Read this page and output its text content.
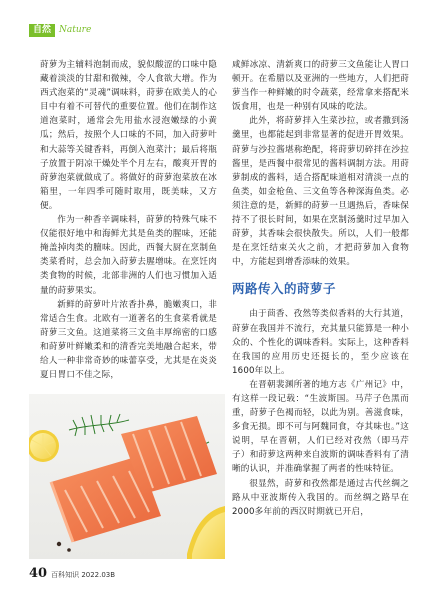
自然 Nature

莳萝为主辅料泡制而成，貌似酸涩的口味中隐藏着淡淡的甘甜和微辣，令人食欲大增。作为西式泡菜的“灵魂”调味料，莳萝在欧美人的心目中有着不可替代的重要位置。他们在制作这道泡菜时，通常会先用盐水浸泡嫩绿的小黄瓜；然后，按照个人口味的不同，加入莳萝叶和大蒜等关键香料，再倒入泡菜汁；最后将瓶子放置于阴凉干燥处半个月左右，酸爽开胃的莳萝泡菜就做成了。将做好的莳萝泡菜放在冰箱里，一年四季可随时取用，既美味，又方便。

作为一种香辛调味料，莳萝的特殊气味不仅能很好地中和海鲜尤其是鱼类的腥味，还能掩盖掉肉类的膻味。因此，西餐大厨在烹制鱼类菜肴时，总会加入莳萝去腥增味。在烹饪肉类食物的时候，北部非洲的人们也习惯加入适量的莳萝果实。

新鲜的莳萝叶片浓香扑鼻，脆嫩爽口，非常适合生食。北欧有一道著名的生食菜肴就是莳萝三文鱼。这道菜将三文鱼丰厚绵密的口感和莳萝叶鲜嫩柔和的清香完美地融合起来，带给人一种非常奇妙的味蕾享受，尤其是在炎炎夏日胃口不佳之际，

咸鲜冰凉、清新爽口的莳萝三文鱼能让人胃口顿开。在希腊以及亚洲的一些地方，人们把莳萝当作一种鲜嫩的时令蔬菜，经常拿来搭配米饭食用，也是一种别有风味的吃法。

此外，将莳萝拌入生菜沙拉，或者撒到汤羹里，也都能起到非常显著的促进开胃效果。莳萝与沙拉酱堪称绝配，将莳萝切碎拌在沙拉酱里，是西餐中很常见的酱料调制方法。用莳萝制成的酱料，适合搭配味道相对清淡一点的鱼类，如金枪鱼、三文鱼等各种深海鱼类。必须注意的是，新鲜的莳萝一旦遇热后，香味保持不了很长时间，如果在烹制汤羹时过早加入莳萝，其香味会很快散失。所以，人们一般都是在烹饪结束关火之前，才把莳萝加入食物中，方能起到增香添味的效果。

两路传入的莳萝子

由于茴香、孜然等类似香料的大行其道，莳萝在我国并不流行，充其量只能算是一种小众的、个性化的调味香料。实际上，这种香料在我国的应用历史还挺长的，至少应该在1600年以上。

在晋朝裴渊所著的地方志《广州记》中，有这样一段记载：“生波斯国。马芹子色黑而重，莳萝子色褐而轻，以此为别。善滋食味，多食无损。即不可与阿魏同食，夺其味也。”这说明，早在晋朝，人们已经对孜然（即马芹子）和莳萝这两种来自波斯的调味香料有了清晰的认识，并准确掌握了两者的性味特征。

很显然，莳萝和孜然都是通过古代丝绸之路从中亚波斯传入我国的。而丝绸之路早在2000多年前的西汉时期就已开启，

40 百科知识 2022.03B
